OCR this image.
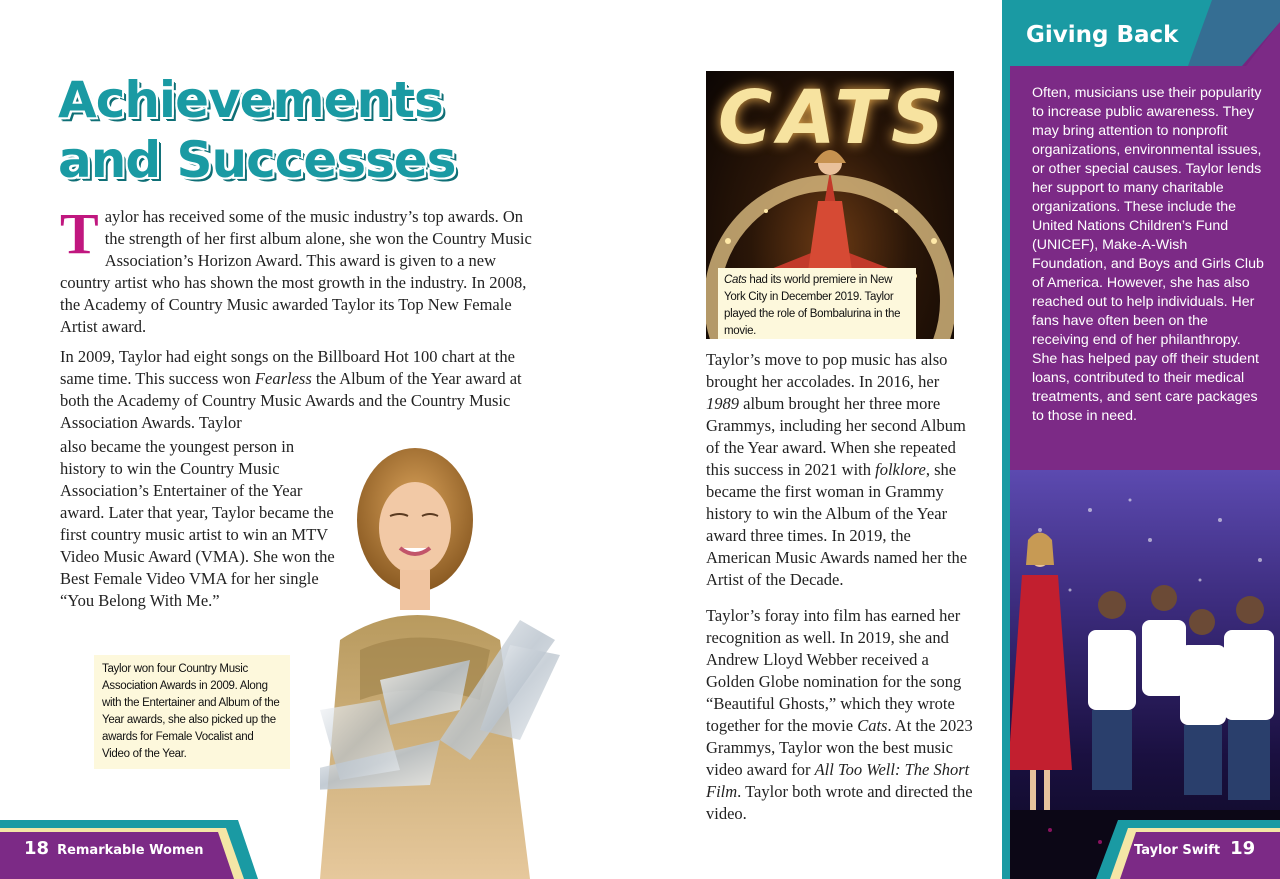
Achievements
and Successes

Taylor has received some of the music industry’s top awards. On the strength of her first album alone, she won the Country Music Association’s Horizon Award. This award is given to a new country artist who has shown the most growth in the industry. In 2008, the Academy of Country Music awarded Taylor its Top New Female Artist award.

In 2009, Taylor had eight songs on the Billboard Hot 100 chart at the same time. This success won Fearless the Album of the Year award at both the Academy of Country Music Awards and the Country Music Association Awards. Taylor

also became the youngest person in history to win the Country Music Association’s Entertainer of the Year award. Later that year, Taylor became the first country music artist to win an MTV Video Music Award (VMA). She won the Best Female Video VMA for her single “You Belong With Me.”
Taylor won four Country Music Association Awards in 2009. Along with the Entertainer and Album of the Year awards, she also picked up the awards for Female Vocalist and Video of the Year.
18 Remarkable Women
CATS
Cats had its world premiere in New York City in December 2019. Taylor played the role of Bombalurina in the movie.

Taylor’s move to pop music has also brought her accolades. In 2016, her 1989 album brought her three more Grammys, including her second Album of the Year award. When she repeated this success in 2021 with folklore, she became the first woman in Grammy history to win the Album of the Year award three times. In 2019, the American Music Awards named her the Artist of the Decade.

Taylor’s foray into film has earned her recognition as well. In 2019, she and Andrew Lloyd Webber received a Golden Globe nomination for the song “Beautiful Ghosts,” which they wrote together for the movie Cats. At the 2023 Grammys, Taylor won the best music video award for All Too Well: The Short Film. Taylor both wrote and directed the video.

Giving Back
Often, musicians use their popularity to increase public awareness. They may bring attention to nonprofit organizations, environmental issues, or other special causes. Taylor lends her support to many charitable organizations. These include the United Nations Children’s Fund (UNICEF), Make-A-Wish Foundation, and Boys and Girls Club of America. However, she has also reached out to help individuals. Her fans have often been on the receiving end of her philanthropy. She has helped pay off their student loans, contributed to their medical treatments, and sent care packages to those in need.
Taylor Swift 19
